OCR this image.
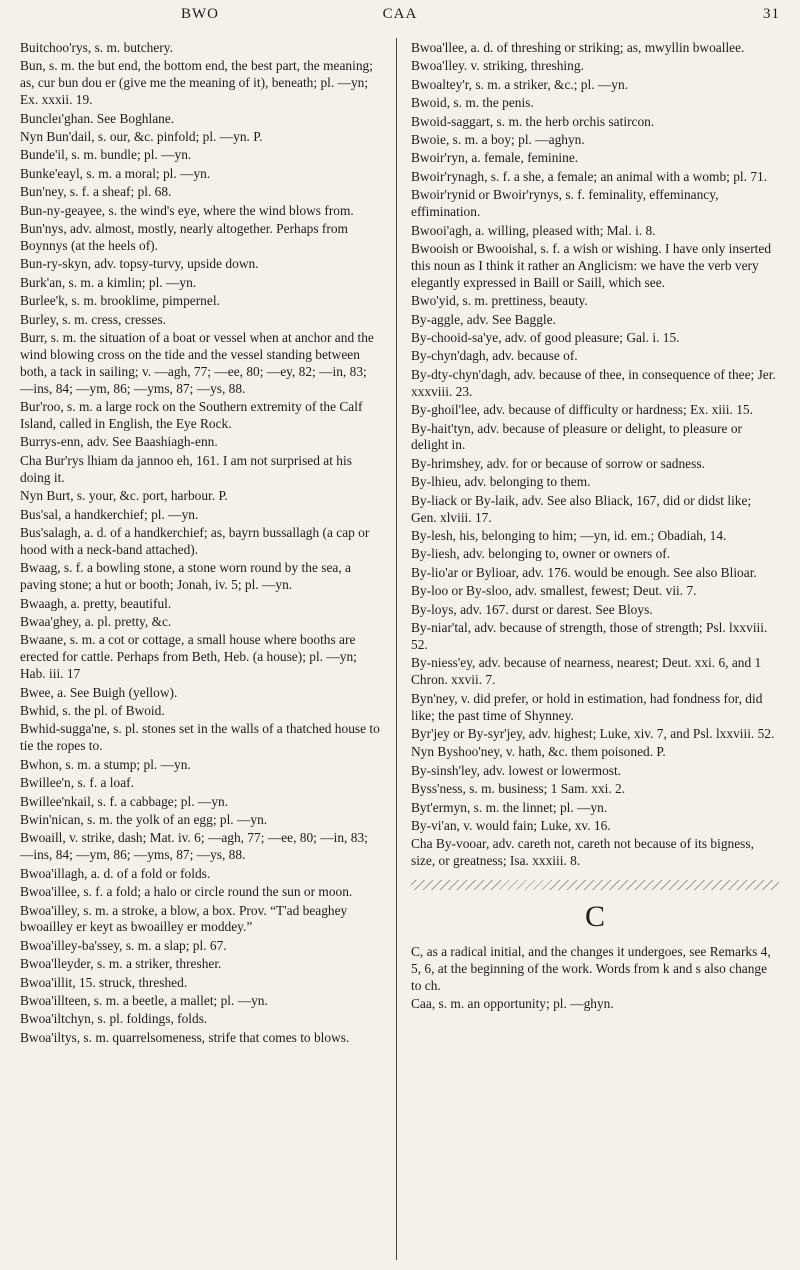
BWO	CAA	31

Buitchoo'rys, s. m. butchery.

Bun, s. m. the but end, the bottom end, the best part, the meaning; as, cur bun dou er (give me the meaning of it), beneath; pl. —yn; Ex. xxxii. 19.

Buncleı'ghan. See Boghlane.

Nyn Bun'dail, s. our, &c. pinfold; pl. —yn. P.

Bunde'il, s. m. bundle; pl. —yn.

Bunke'eayl, s. m. a moral; pl. —yn.

Bun'ney, s. f. a sheaf; pl. 68.

Bun-ny-geayee, s. the wind's eye, where the wind blows from.

Bun'nys, adv. almost, mostly, nearly altogether. Perhaps from Boynnys (at the heels of).

Bun-ry-skyn, adv. topsy-turvy, upside down.

Burk'an, s. m. a kimlin; pl. —yn.

Burlee'k, s. m. brooklime, pimpernel.

Burley, s. m. cress, cresses.

Burr, s. m. the situation of a boat or vessel when at anchor and the wind blowing cross on the tide and the vessel standing between both, a tack in sailing; v. —agh, 77; —ee, 80; —ey, 82; —in, 83; —ins, 84; —ym, 86; —yms, 87; —ys, 88.

Bur'roo, s. m. a large rock on the Southern extremity of the Calf Island, called in English, the Eye Rock.

Burrys-enn, adv. See Baashiagh-enn.

Cha Bur'rys lhiam da jannoo eh, 161. I am not surprised at his doing it.

Nyn Burt, s. your, &c. port, harbour. P.

Bus'sal, a handkerchief; pl. —yn.

Bus'salagh, a. d. of a handkerchief; as, bayrn bussallagh (a cap or hood with a neck-band attached).

Bwaag, s. f. a bowling stone, a stone worn round by the sea, a paving stone; a hut or booth; Jonah, iv. 5; pl. —yn.

Bwaagh, a. pretty, beautiful.

Bwaa'ghey, a. pl. pretty, &c.

Bwaane, s. m. a cot or cottage, a small house where booths are erected for cattle. Perhaps from Beth, Heb. (a house); pl. —yn; Hab. iii. 17

Bwee, a. See Buigh (yellow).

Bwhid, s. the pl. of Bwoid.

Bwhid-sugga'ne, s. pl. stones set in the walls of a thatched house to tie the ropes to.

Bwhon, s. m. a stump; pl. —yn.

Bwillee'n, s. f. a loaf.

Bwillee'nkail, s. f. a cabbage; pl. —yn.

Bwin'nican, s. m. the yolk of an egg; pl. —yn.

Bwoaill, v. strike, dash; Mat. iv. 6; —agh, 77; —ee, 80; —in, 83; —ins, 84; —ym, 86; —yms, 87; —ys, 88.

Bwoa'illagh, a. d. of a fold or folds.

Bwoa'illee, s. f. a fold; a halo or circle round the sun or moon.

Bwoa'illey, s. m. a stroke, a blow, a box. Prov. “T'ad beaghey bwoailley er keyt as bwoailley er moddey.”

Bwoa'illey-ba'ssey, s. m. a slap; pl. 67.

Bwoa'lleyder, s. m. a striker, thresher.

Bwoa'illit, 15. struck, threshed.

Bwoa'illteen, s. m. a beetle, a mallet; pl. —yn.

Bwoa'iltchyn, s. pl. foldings, folds.

Bwoa'iltys, s. m. quarrelsomeness, strife that comes to blows.

Bwoa'llee, a. d. of threshing or striking; as, mwyllin bwoallee.

Bwoa'lley. v. striking, threshing.

Bwoaltey'r, s. m. a striker, &c.; pl. —yn.

Bwoid, s. m. the penis.

Bwoid-saggart, s. m. the herb orchis satircon.

Bwoie, s. m. a boy; pl. —aghyn.

Bwoir'ryn, a. female, feminine.

Bwoir'rynagh, s. f. a she, a female; an animal with a womb; pl. 71.

Bwoir'rynid or Bwoir'rynys, s. f. feminality, effeminancy, effimination.

Bwooi'agh, a. willing, pleased with; Mal. i. 8.

Bwooish or Bwooishal, s. f. a wish or wishing. I have only inserted this noun as I think it rather an Anglicism: we have the verb very elegantly expressed in Baill or Saill, which see.

Bwo'yid, s. m. prettiness, beauty.

By-aggle, adv. See Baggle.

By-chooid-sa'ye, adv. of good pleasure; Gal. i. 15.

By-chyn'dagh, adv. because of.

By-dty-chyn'dagh, adv. because of thee, in consequence of thee; Jer. xxxviii. 23.

By-ghoil'lee, adv. because of difficulty or hardness; Ex. xiii. 15.

By-hait'tyn, adv. because of pleasure or delight, to pleasure or delight in.

By-hrimshey, adv. for or because of sorrow or sadness.

By-lhieu, adv. belonging to them.

By-liack or By-laik, adv. See also Bliack, 167, did or didst like; Gen. xlviii. 17.

By-lesh, his, belonging to him; —yn, id. em.; Obadiah, 14.

By-liesh, adv. belonging to, owner or owners of.

By-lio'ar or Bylioar, adv. 176. would be enough. See also Blioar.

By-loo or By-sloo, adv. smallest, fewest; Deut. vii. 7.

By-loys, adv. 167. durst or darest. See Bloys.

By-niar'tal, adv. because of strength, those of strength; Psl. lxxviii. 52.

By-niess'ey, adv. because of nearness, nearest; Deut. xxi. 6, and 1 Chron. xxvii. 7.

Byn'ney, v. did prefer, or hold in estimation, had fondness for, did like; the past time of Shynney.

Byr'jey or By-syr'jey, adv. highest; Luke, xiv. 7, and Psl. lxxviii. 52.

Nyn Byshoo'ney, v. hath, &c. them poisoned. P.

By-sinsh'ley, adv. lowest or lowermost.

Byss'ness, s. m. business; 1 Sam. xxi. 2.

Byt'ermyn, s. m. the linnet; pl. —yn.

By-vi'an, v. would fain; Luke, xv. 16.

Cha By-vooar, adv. careth not, careth not because of its bigness, size, or greatness; Isa. xxxiii. 8.

C

C, as a radical initial, and the changes it undergoes, see Remarks 4, 5, 6, at the beginning of the work. Words from k and s also change to ch.

Caa, s. m. an opportunity; pl. —ghyn.
